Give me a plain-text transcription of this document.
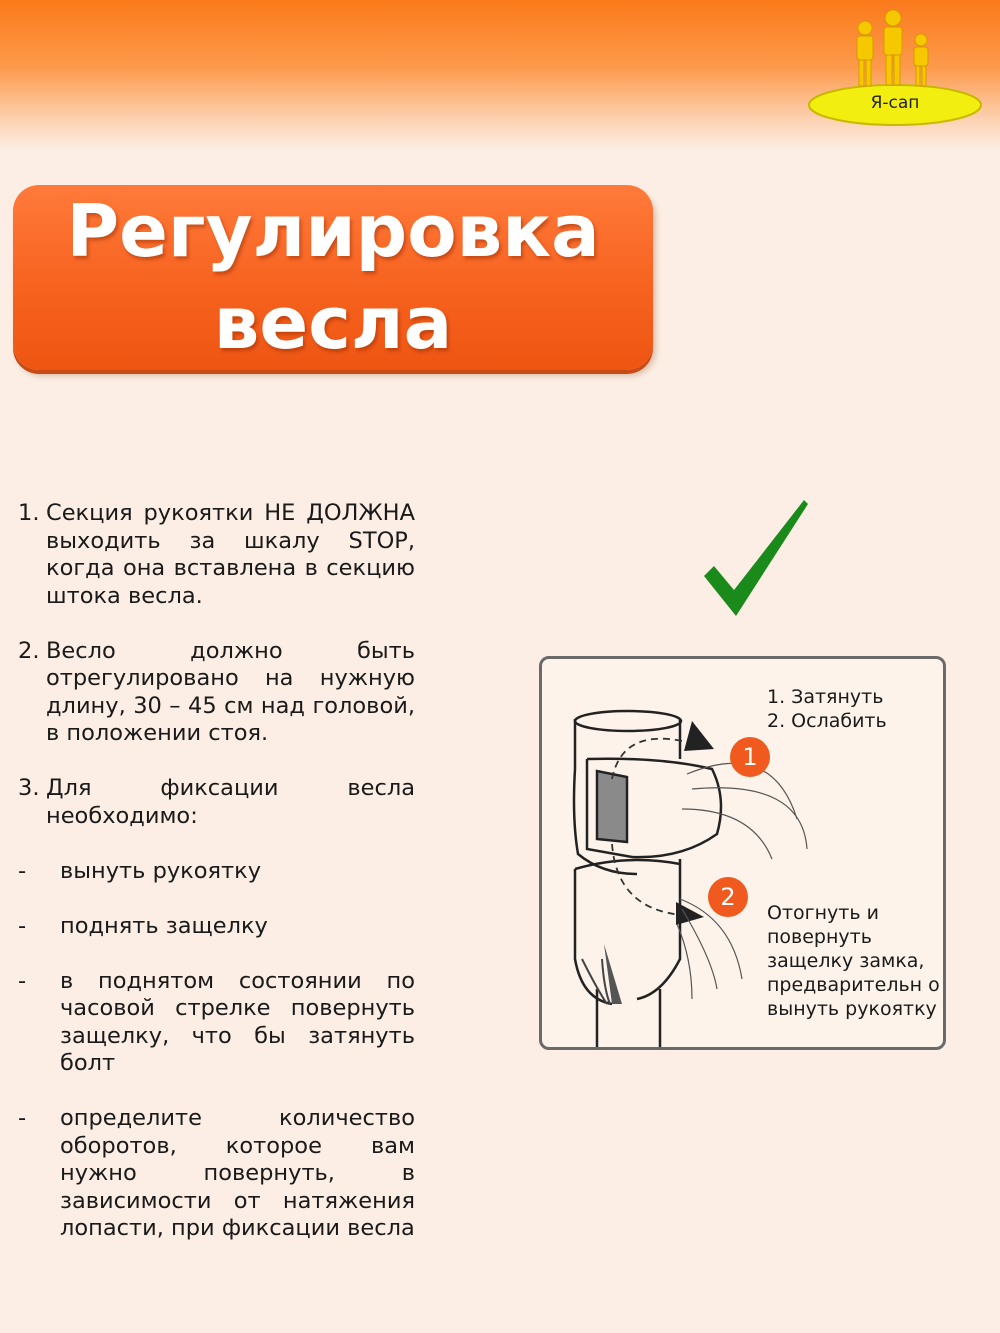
Я-сап
Регулировка
весла
1. Секция рукоятки НЕ ДОЛЖНА выходить за шкалу STOP, когда она вставлена в секцию штока весла.
2. Весло должно быть отрегулировано на нужную длину, 30 – 45 см над головой, в положении стоя.
3. Для фиксации весла необходимо:
- вынуть рукоятку
- поднять защелку
- в поднятом состоянии по часовой стрелке повернуть защелку, что бы затянуть болт
- определите количество оборотов, которое вам нужно повернуть, в зависимости от натяжения лопасти, при фиксации весла
1. Затянуть
2. Ослабить
1
2
Отогнуть и повернуть защелку замка, предварительн о вынуть рукоятку
